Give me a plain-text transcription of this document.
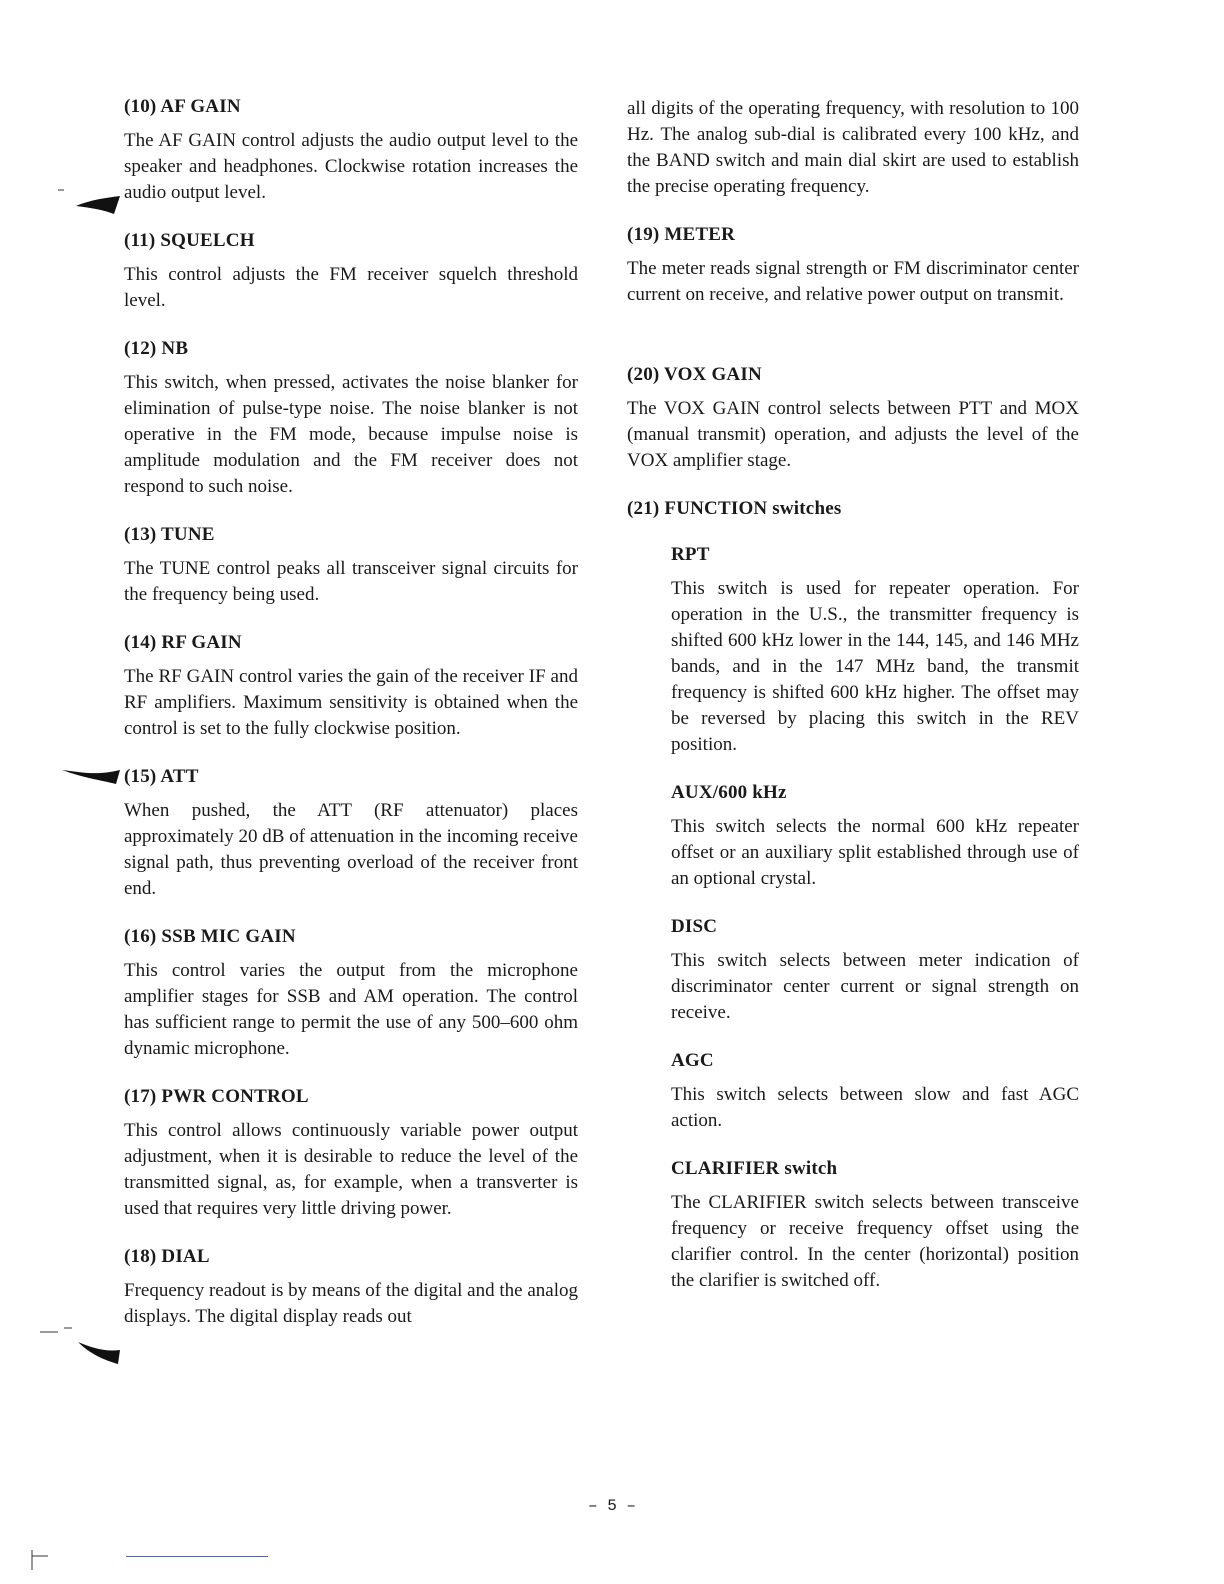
(10) AF GAIN

The AF GAIN control adjusts the audio output level to the speaker and headphones. Clockwise rotation increases the audio output level.

(11) SQUELCH

This control adjusts the FM receiver squelch threshold level.

(12) NB

This switch, when pressed, activates the noise blanker for elimination of pulse-type noise. The noise blanker is not operative in the FM mode, because impulse noise is amplitude modulation and the FM receiver does not respond to such noise.

(13) TUNE

The TUNE control peaks all transceiver signal circuits for the frequency being used.

(14) RF GAIN

The RF GAIN control varies the gain of the receiver IF and RF amplifiers. Maximum sensitivity is obtained when the control is set to the fully clockwise position.

(15) ATT

When pushed, the ATT (RF attenuator) places approximately 20 dB of attenuation in the incoming receive signal path, thus preventing overload of the receiver front end.

(16) SSB MIC GAIN

This control varies the output from the microphone amplifier stages for SSB and AM operation. The control has sufficient range to permit the use of any 500–600 ohm dynamic microphone.

(17) PWR CONTROL

This control allows continuously variable power output adjustment, when it is desirable to reduce the level of the transmitted signal, as, for example, when a transverter is used that requires very little driving power.

(18) DIAL

Frequency readout is by means of the digital and the analog displays. The digital display reads out

all digits of the operating frequency, with resolution to 100 Hz. The analog sub-dial is calibrated every 100 kHz, and the BAND switch and main dial skirt are used to establish the precise operating frequency.

(19) METER

The meter reads signal strength or FM discriminator center current on receive, and relative power output on transmit.

(20) VOX GAIN

The VOX GAIN control selects between PTT and MOX (manual transmit) operation, and adjusts the level of the VOX amplifier stage.

(21) FUNCTION switches
RPT

This switch is used for repeater operation. For operation in the U.S., the transmitter frequency is shifted 600 kHz lower in the 144, 145, and 146 MHz bands, and in the 147 MHz band, the transmit frequency is shifted 600 kHz higher. The offset may be reversed by placing this switch in the REV position.

AUX/600 kHz

This switch selects the normal 600 kHz repeater offset or an auxiliary split established through use of an optional crystal.

DISC

This switch selects between meter indication of discriminator center current or signal strength on receive.

AGC

This switch selects between slow and fast AGC action.

CLARIFIER switch

The CLARIFIER switch selects between transceive frequency or receive frequency offset using the clarifier control. In the center (horizontal) position the clarifier is switched off.

– 5 –
